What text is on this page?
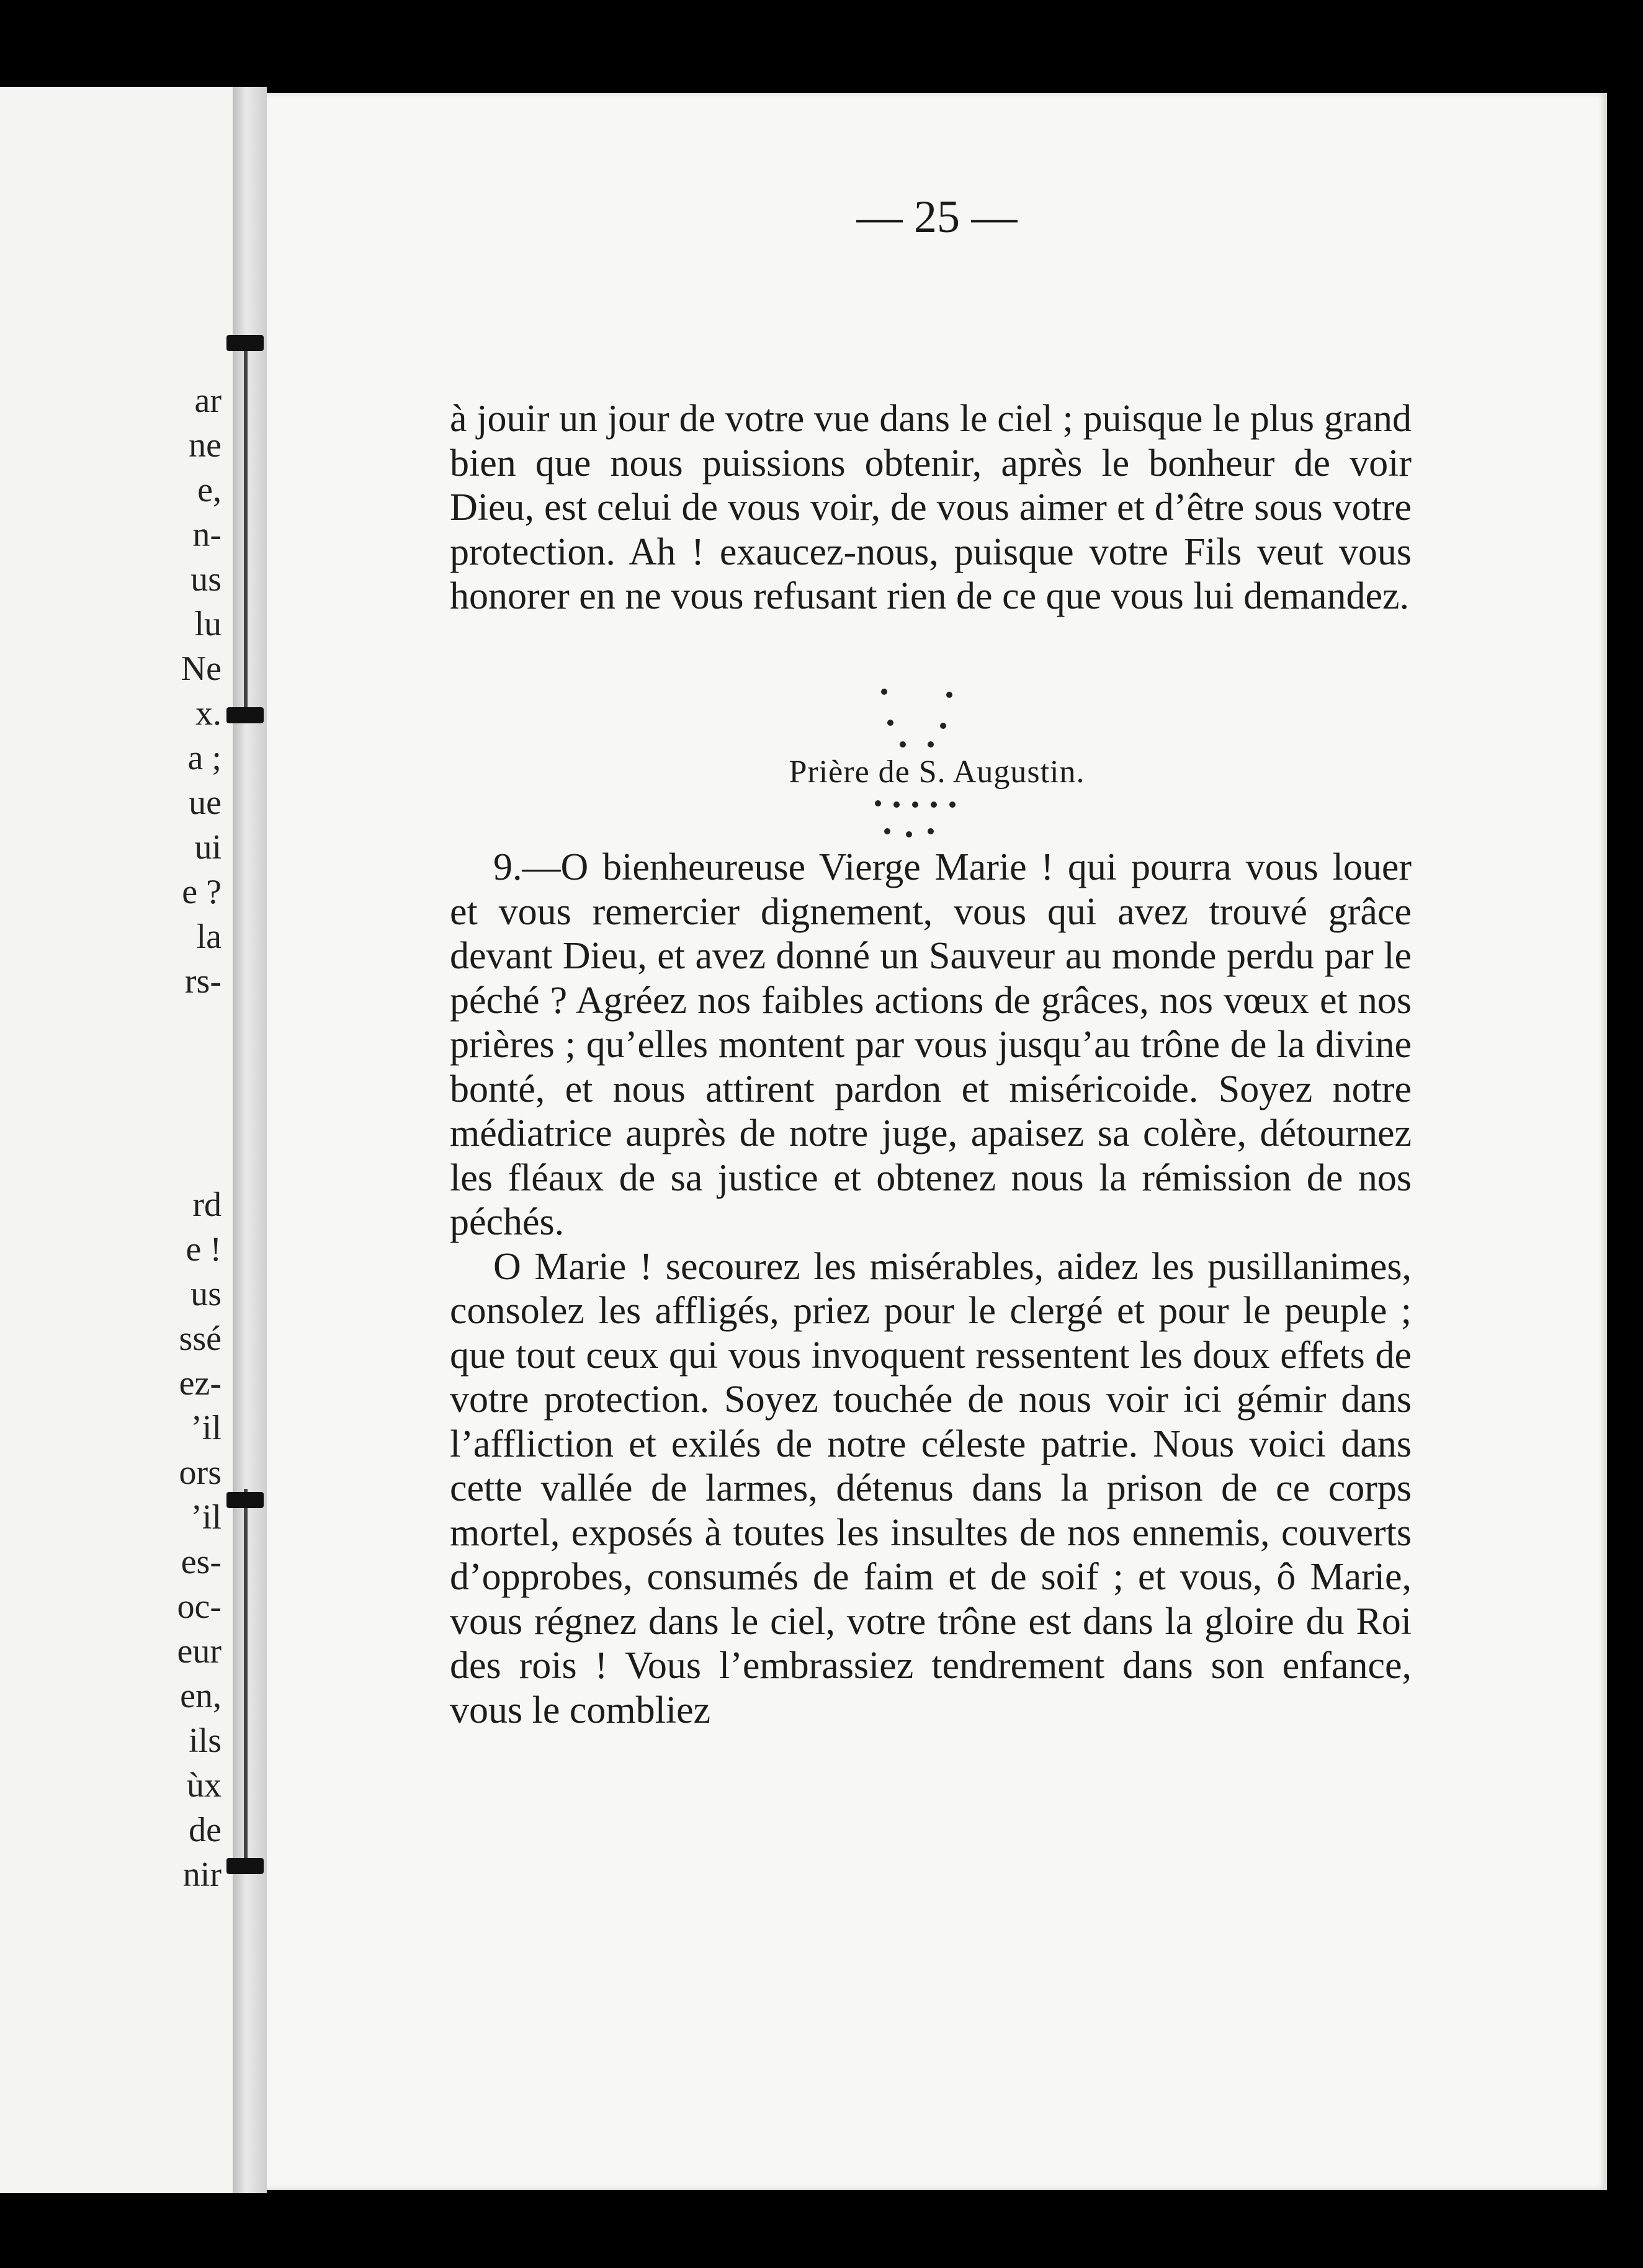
ar
ne
e,
n-
us
lu
Ne
x.
a ;
ue
ui
e ?
la
rs-

rd
e !
us
ssé
ez-
’il
ors
’il
es-
oc-
eur
en,
ils
ùx
de
nir
— 25 —

à jouir un jour de votre vue dans le ciel ; puisque le plus grand bien que nous puissions obtenir, après le bonheur de voir Dieu, est celui de vous voir, de vous aimer et d’être sous votre protection. Ah ! exaucez-nous, puisque votre Fils veut vous honorer en ne vous refusant rien de ce que vous lui demandez.

Prière de S. Augustin.

9.—O bienheureuse Vierge Marie ! qui pourra vous louer et vous remercier dignement, vous qui avez trouvé grâce devant Dieu, et avez donné un Sauveur au monde perdu par le péché ? Agréez nos faibles actions de grâces, nos vœux et nos prières ; qu’elles montent par vous jusqu’au trône de la divine bonté, et nous attirent pardon et miséricoide. Soyez notre médiatrice auprès de notre juge, apaisez sa colère, détournez les fléaux de sa justice et obtenez nous la rémission de nos péchés.

O Marie ! secourez les misérables, aidez les pusillanimes, consolez les affligés, priez pour le clergé et pour le peuple ; que tout ceux qui vous invoquent ressentent les doux effets de votre protection. Soyez touchée de nous voir ici gémir dans l’affliction et exilés de notre céleste patrie. Nous voici dans cette vallée de larmes, détenus dans la prison de ce corps mortel, exposés à toutes les insultes de nos ennemis, couverts d’opprobes, consumés de faim et de soif ; et vous, ô Marie, vous régnez dans le ciel, votre trône est dans la gloire du Roi des rois ! Vous l’embrassiez tendrement dans son enfance, vous le combliez
